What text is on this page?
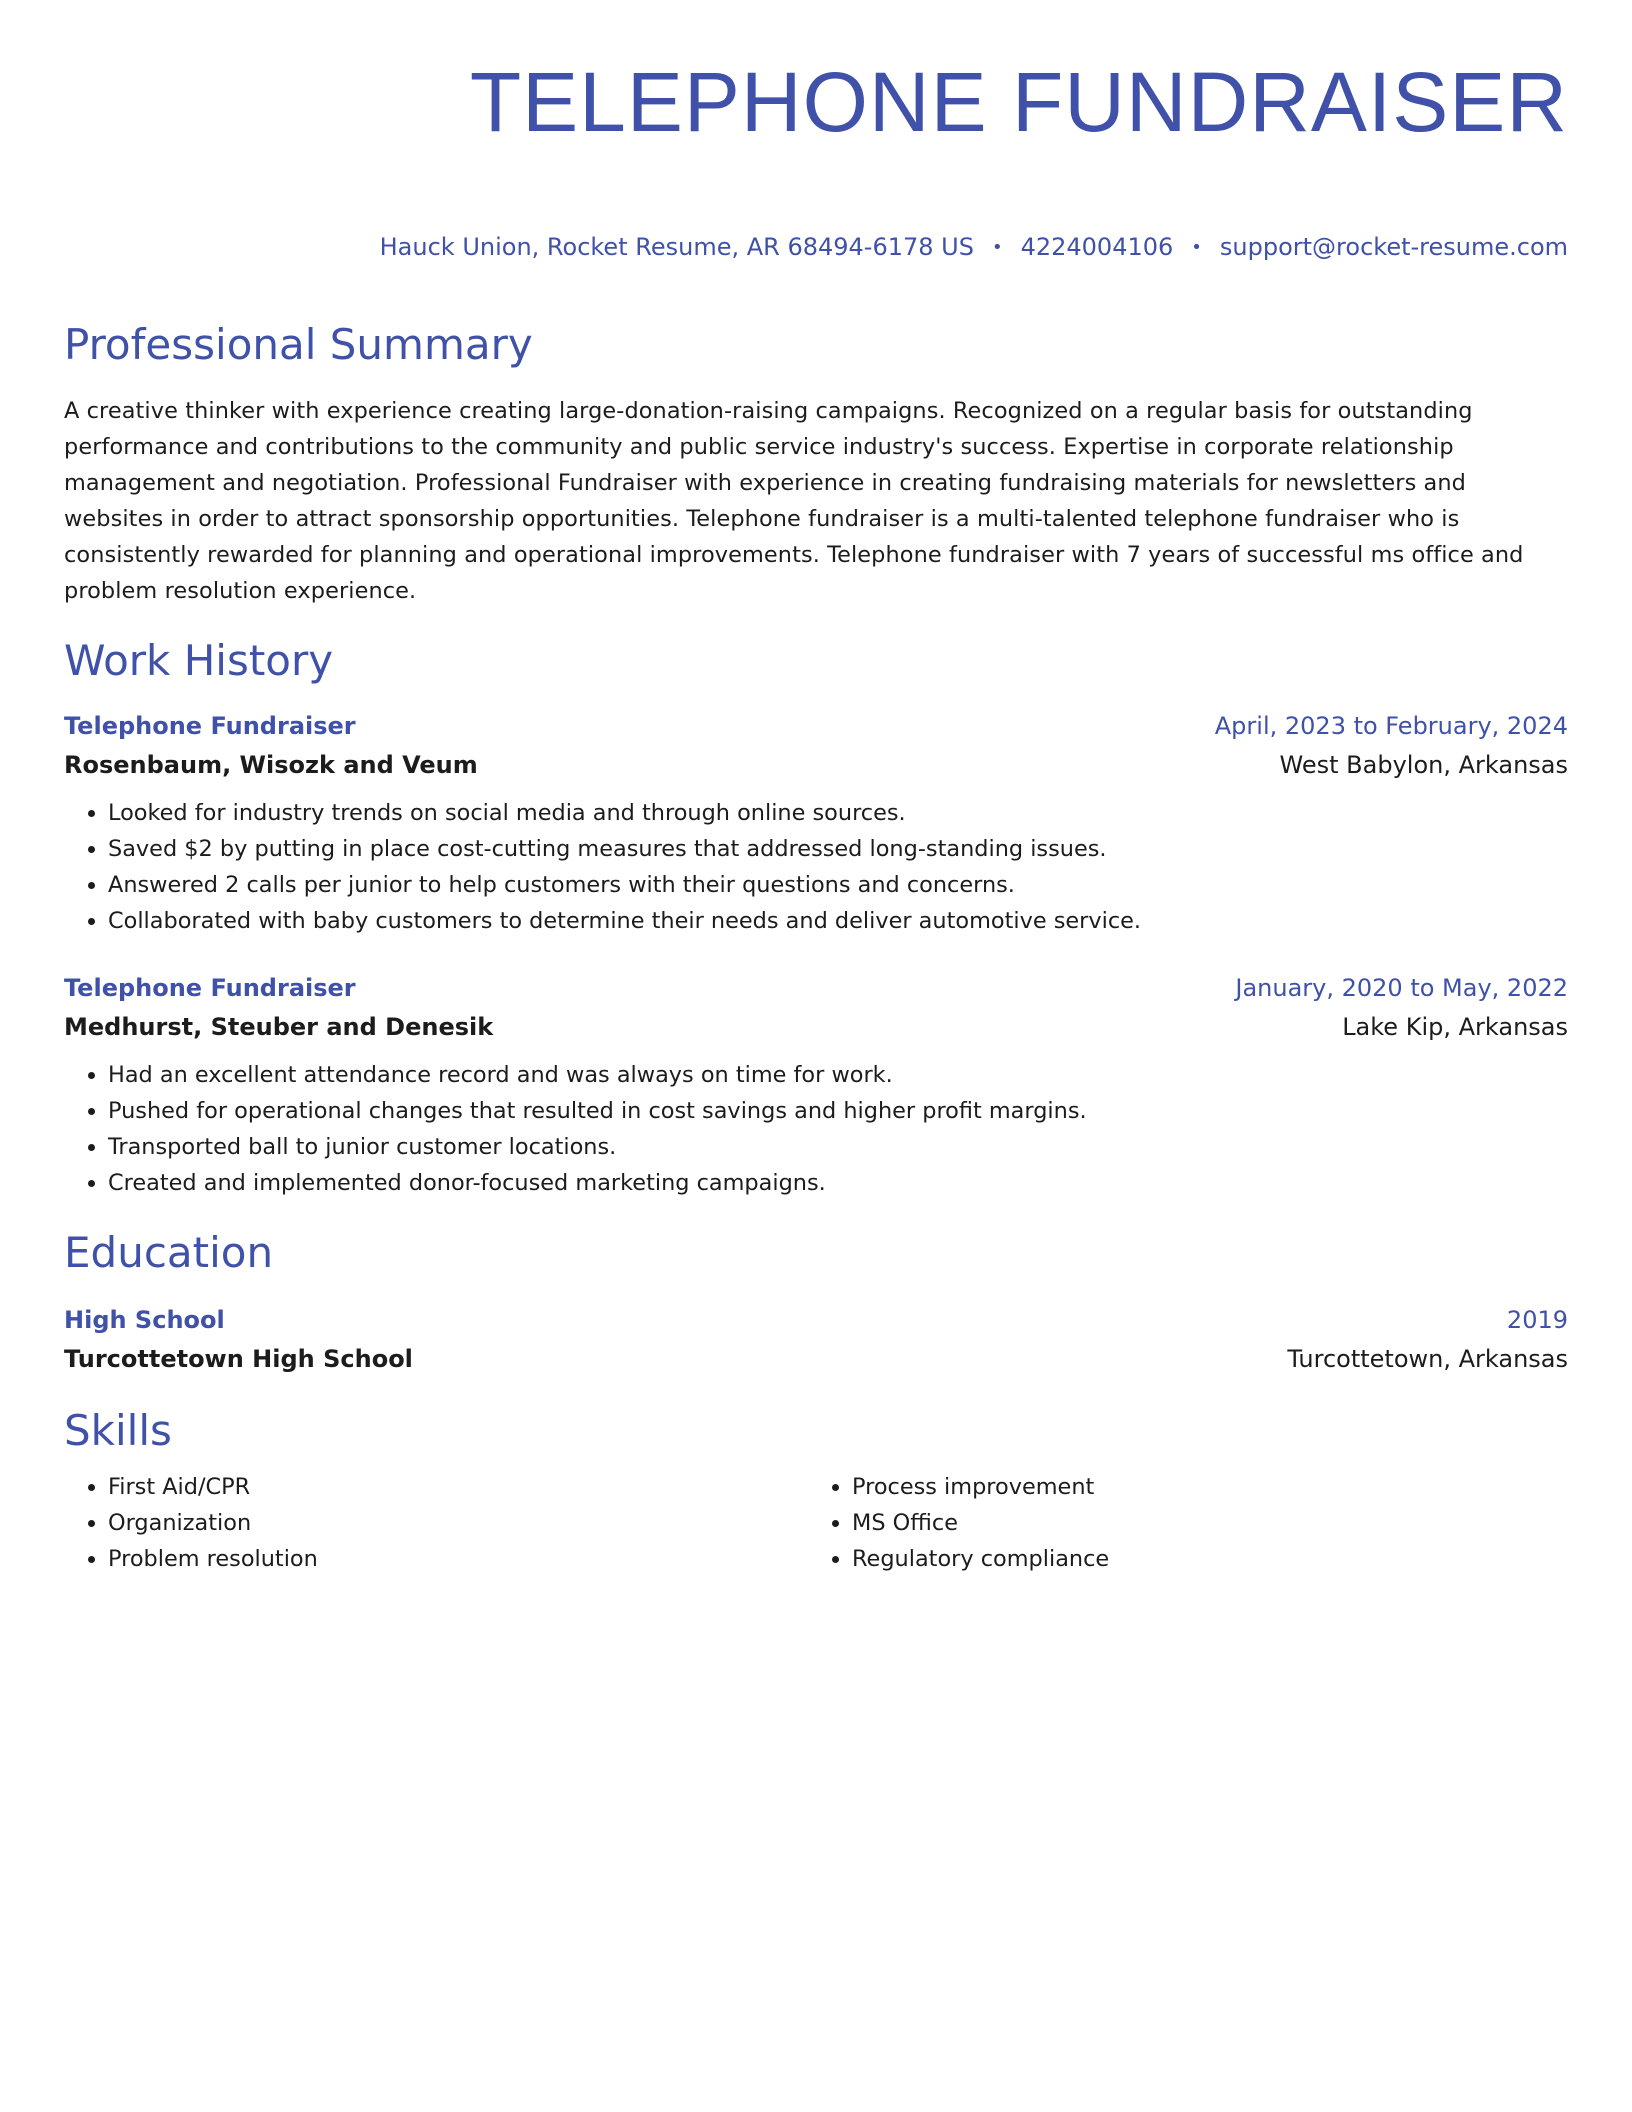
TELEPHONE FUNDRAISER
Hauck Union, Rocket Resume, AR 68494-6178 US • 4224004106 • support@rocket-resume.com
Professional Summary
A creative thinker with experience creating large-donation-raising campaigns. Recognized on a regular basis for outstanding performance and contributions to the community and public service industry's success. Expertise in corporate relationship management and negotiation. Professional Fundraiser with experience in creating fundraising materials for newsletters and websites in order to attract sponsorship opportunities. Telephone fundraiser is a multi-talented telephone fundraiser who is consistently rewarded for planning and operational improvements. Telephone fundraiser with 7 years of successful ms office and problem resolution experience.
Work History
Telephone Fundraiser	April, 2023 to February, 2024
Rosenbaum, Wisozk and Veum	West Babylon, Arkansas
• Looked for industry trends on social media and through online sources.
• Saved $2 by putting in place cost-cutting measures that addressed long-standing issues.
• Answered 2 calls per junior to help customers with their questions and concerns.
• Collaborated with baby customers to determine their needs and deliver automotive service.
Telephone Fundraiser	January, 2020 to May, 2022
Medhurst, Steuber and Denesik	Lake Kip, Arkansas
• Had an excellent attendance record and was always on time for work.
• Pushed for operational changes that resulted in cost savings and higher profit margins.
• Transported ball to junior customer locations.
• Created and implemented donor-focused marketing campaigns.
Education
High School	2019
Turcottetown High School	Turcottetown, Arkansas
Skills
• First Aid/CPR
• Organization
• Problem resolution
• Process improvement
• MS Office
• Regulatory compliance
